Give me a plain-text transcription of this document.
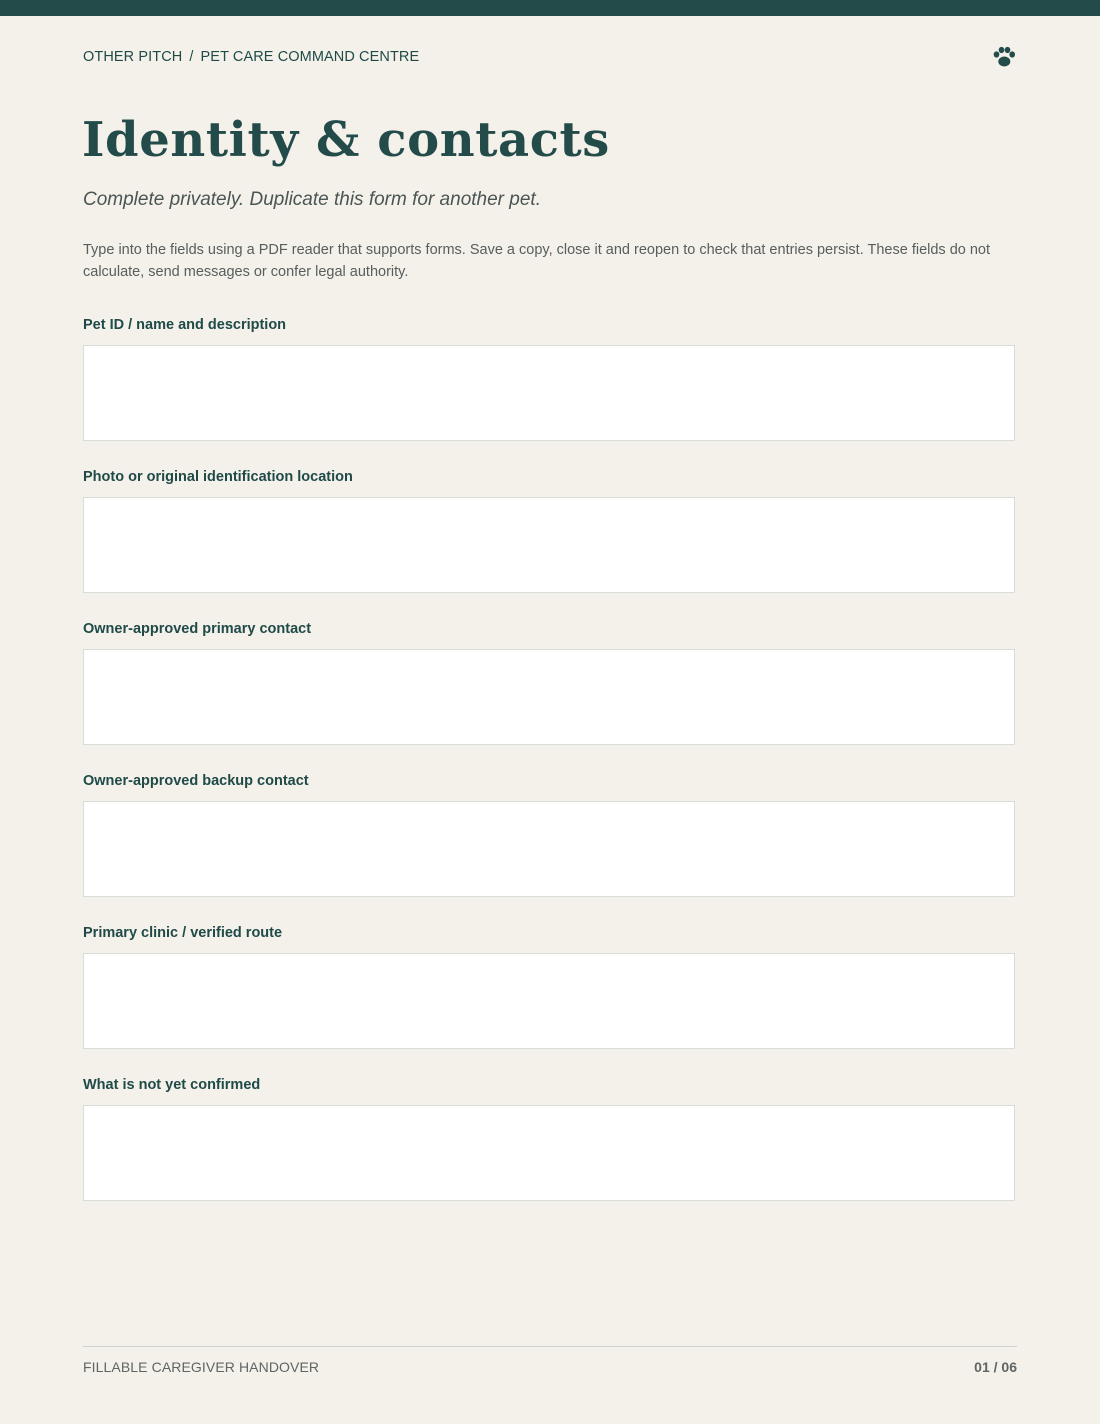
OTHER PITCH / PET CARE COMMAND CENTRE
Identity & contacts

Complete privately. Duplicate this form for another pet.

Type into the fields using a PDF reader that supports forms. Save a copy, close it and reopen to check that entries persist. These fields do not calculate, send messages or confer legal authority.

Pet ID / name and description
Photo or original identification location
Owner-approved primary contact
Owner-approved backup contact
Primary clinic / verified route
What is not yet confirmed
FILLABLE CAREGIVER HANDOVER	01 / 06
